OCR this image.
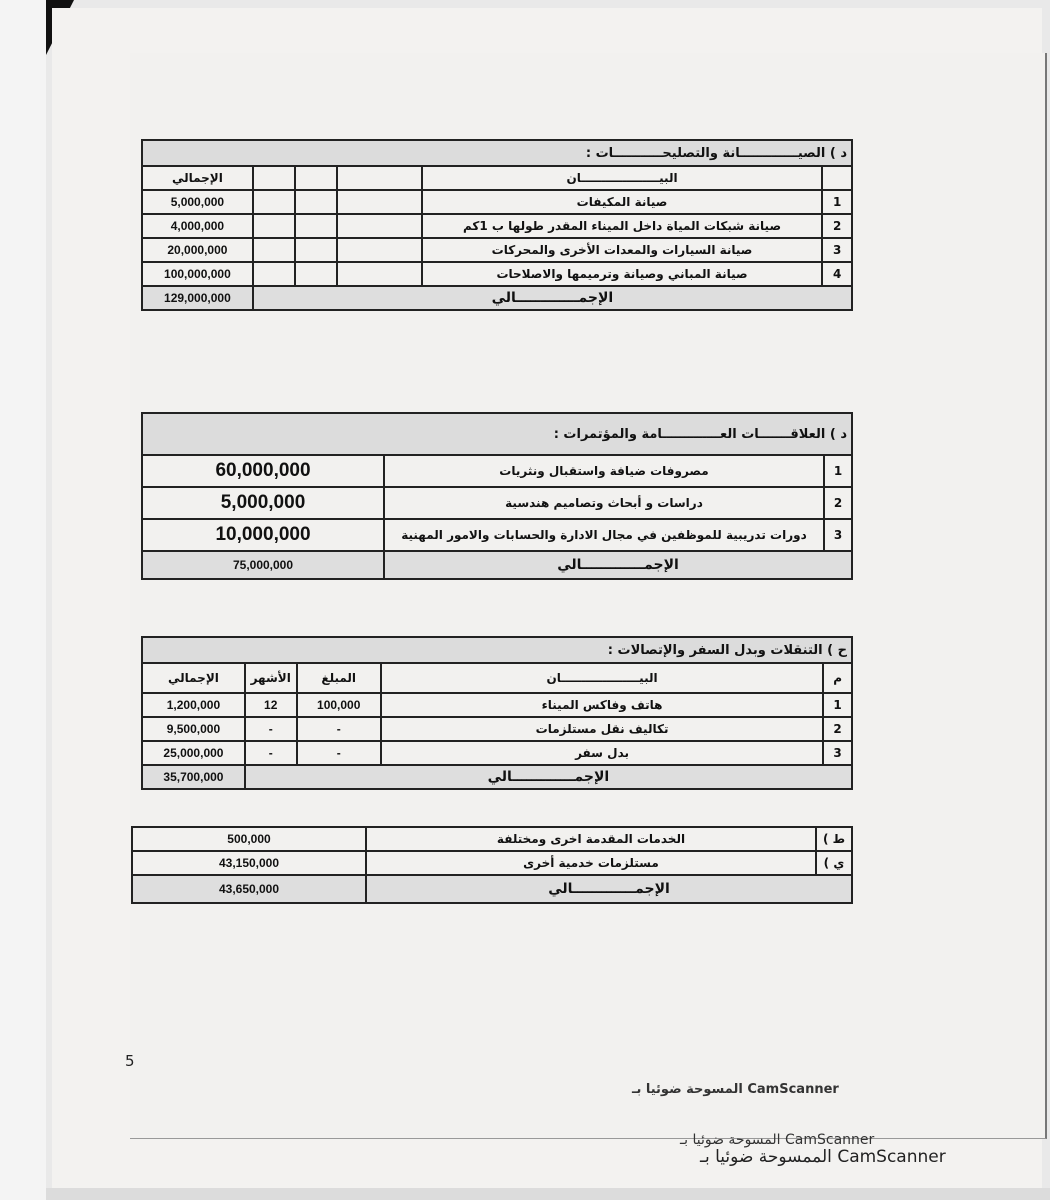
د ) الصيـــــــــــــانة والتصليحـــــــــــات :					
	البيـــــــــــــــــــان				الإجمالي
1	صيانة المكيفات				5,000,000
2	صيانة شبكات المياة داخل الميناء المقدر طولها ب 1كم				4,000,000
3	صيانة السيارات والمعدات الأخرى والمحركات				20,000,000
4	صيانة المباني وصيانة وترميمها والاصلاحات				100,000,000
الإجمـــــــــــــالي					129,000,000
د ) العلاقـــــــات العـــــــــــــامة والمؤتمرات :		
1	مصروفات ضيافة واستقبال ونثريات	60,000,000
2	دراسات و أبحاث وتصاميم هندسية	5,000,000
3	دورات تدريبية للموظفين في مجال الادارة والحسابات والامور المهنية	10,000,000
الإجمـــــــــــــالي		75,000,000
ح ) التنقلات وبدل السفر والإتصالات :				
م	البيـــــــــــــــــــان	المبلغ	الأشهر	الإجمالي
1	هاتف وفاكس الميناء	100,000	12	1,200,000
2	تكاليف نقل مستلزمات	-	-	9,500,000
3	بدل سفر	-	-	25,000,000
الإجمـــــــــــــالي				35,700,000
ط )	الخدمات المقدمة اخرى ومختلفة	500,000
ي )	مستلزمات خدمية أخرى	43,150,000
الإجمـــــــــــــالي		43,650,000
5
المسوحة ضوئيا بـ CamScanner
المسوحة ضوئيا بـ CamScanner
الممسوحة ضوئيا بـ CamScanner
